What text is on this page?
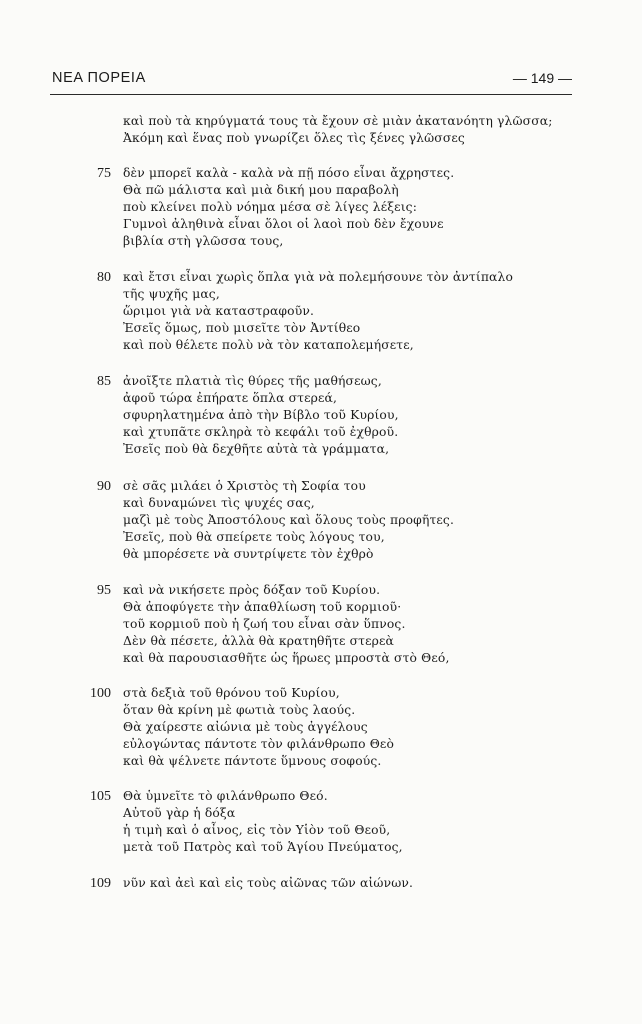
ΝΕΑ ΠΟΡΕΙΑ	— 149 —
καὶ ποὺ τὰ κηρύγματά τους τὰ ἔχουν σὲ μιὰν ἀκατανόητη γλῶσσα;
Ἀκόμη καὶ ἕνας ποὺ γνωρίζει ὅλες τὶς ξένες γλῶσσες
75 δὲν μπορεῖ καλὰ - καλὰ νὰ πῇ πόσο εἶναι ἄχρηστες.
Θὰ πῶ μάλιστα καὶ μιὰ δική μου παραβολὴ
ποὺ κλείνει πολὺ νόημα μέσα σὲ λίγες λέξεις:
Γυμνοὶ ἀληθινὰ εἶναι ὅλοι οἱ λαοὶ ποὺ δὲν ἔχουνε
βιβλία στὴ γλῶσσα τους,
80 καὶ ἔτσι εἶναι χωρὶς ὅπλα γιὰ νὰ πολεμήσουνε τὸν ἀντίπαλο
τῆς ψυχῆς μας,
ὥριμοι γιὰ νὰ καταστραφοῦν.
Ἐσεῖς ὅμως, ποὺ μισεῖτε τὸν Ἀντίθεο
καὶ ποὺ θέλετε πολὺ νὰ τὸν καταπολεμήσετε,
85 ἀνοῖξτε πλατιὰ τὶς θύρες τῆς μαθήσεως,
ἀφοῦ τώρα ἐπήρατε ὅπλα στερεά,
σφυρηλατημένα ἀπὸ τὴν Βίβλο τοῦ Κυρίου,
καὶ χτυπᾶτε σκληρὰ τὸ κεφάλι τοῦ ἐχθροῦ.
Ἐσεῖς ποὺ θὰ δεχθῆτε αὐτὰ τὰ γράμματα,
90 σὲ σᾶς μιλάει ὁ Χριστὸς τὴ Σοφία του
καὶ δυναμώνει τὶς ψυχές σας,
μαζὶ μὲ τοὺς Ἀποστόλους καὶ ὅλους τοὺς προφῆτες.
Ἐσεῖς, ποὺ θὰ σπείρετε τοὺς λόγους του,
θὰ μπορέσετε νὰ συντρίψετε τὸν ἐχθρὸ
95 καὶ νὰ νικήσετε πρὸς δόξαν τοῦ Κυρίου.
Θὰ ἀποφύγετε τὴν ἀπαθλίωση τοῦ κορμιοῦ·
τοῦ κορμιοῦ ποὺ ἡ ζωή του εἶναι σὰν ὕπνος.
Δὲν θὰ πέσετε, ἀλλὰ θὰ κρατηθῆτε στερεὰ
καὶ θὰ παρουσιασθῆτε ὡς ἥρωες μπροστὰ στὸ Θεό,
100 στὰ δεξιὰ τοῦ θρόνου τοῦ Κυρίου,
ὅταν θὰ κρίνη μὲ φωτιὰ τοὺς λαούς.
Θὰ χαίρεστε αἰώνια μὲ τοὺς ἀγγέλους
εὐλογώντας πάντοτε τὸν φιλάνθρωπο Θεὸ
καὶ θὰ ψέλνετε πάντοτε ὕμνους σοφούς.
105 Θὰ ὑμνεῖτε τὸ φιλάνθρωπο Θεό.
Αὐτοῦ γὰρ ἡ δόξα
ἡ τιμὴ καὶ ὁ αἶνος, εἰς τὸν Υἱὸν τοῦ Θεοῦ,
μετὰ τοῦ Πατρὸς καὶ τοῦ Ἁγίου Πνεύματος,
109 νῦν καὶ ἀεὶ καὶ εἰς τοὺς αἰῶνας τῶν αἰώνων.
